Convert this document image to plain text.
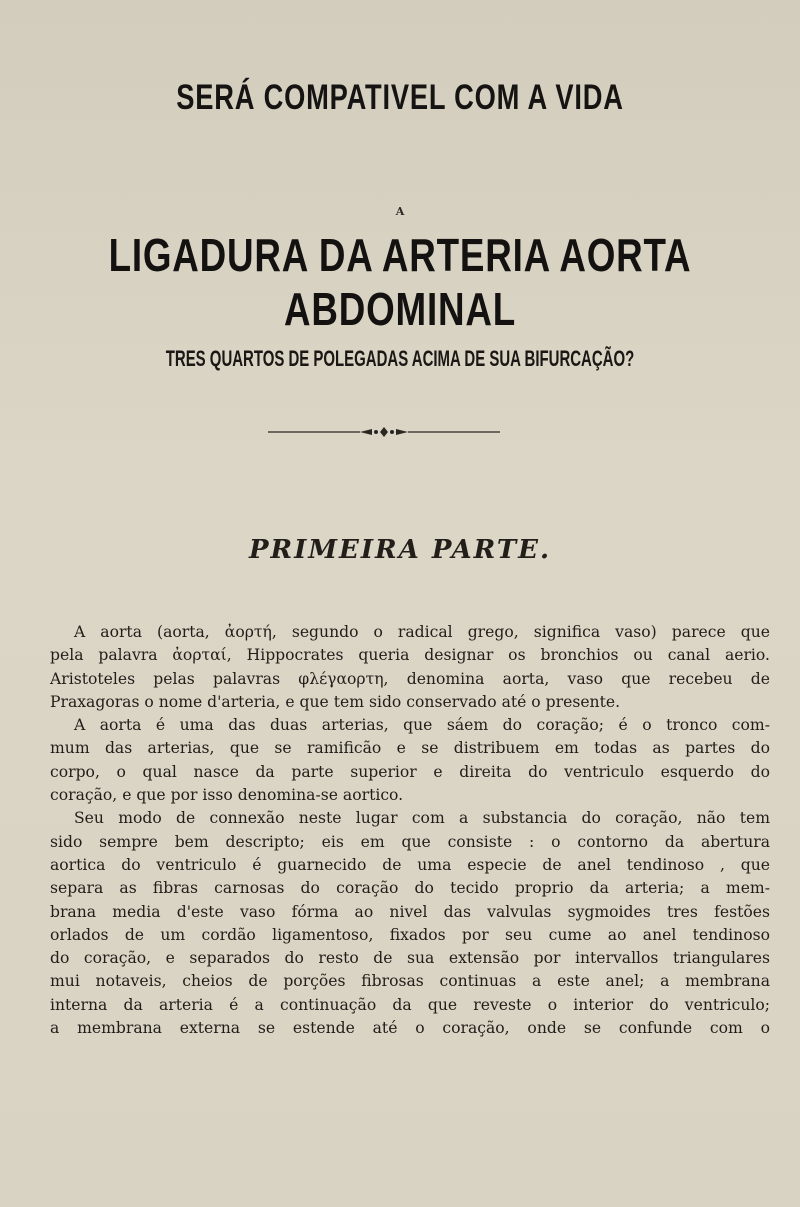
SERÁ COMPATIVEL COM A VIDA
A
LIGADURA DA ARTERIA AORTA ABDOMINAL
TRES QUARTOS DE POLEGADAS ACIMA DE SUA BIFURCAÇÃO?
PRIMEIRA PARTE.

A aorta (aorta, ἀορτή, segundo o radical grego, significa vaso) parece que

pela palavra ἀορταί, Hippocrates queria designar os bronchios ou canal aerio.

Aristoteles pelas palavras φλέγαορτη, denomina aorta, vaso que recebeu de

Praxagoras o nome d'arteria, e que tem sido conservado até o presente.

A aorta é uma das duas arterias, que sáem do coração; é o tronco com-

mum das arterias, que se ramificão e se distribuem em todas as partes do

corpo, o qual nasce da parte superior e direita do ventriculo esquerdo do

coração, e que por isso denomina-se aortico.

Seu modo de connexão neste lugar com a substancia do coração, não tem

sido sempre bem descripto; eis em que consiste : o contorno da abertura

aortica do ventriculo é guarnecido de uma especie de anel tendinoso , que

separa as fibras carnosas do coração do tecido proprio da arteria; a mem-

brana media d'este vaso fórma ao nivel das valvulas sygmoides tres festões

orlados de um cordão ligamentoso, fixados por seu cume ao anel tendinoso

do coração, e separados do resto de sua extensão por intervallos triangulares

mui notaveis, cheios de porções fibrosas continuas a este anel; a membrana

interna da arteria é a continuação da que reveste o interior do ventriculo;

a membrana externa se estende até o coração, onde se confunde com o
